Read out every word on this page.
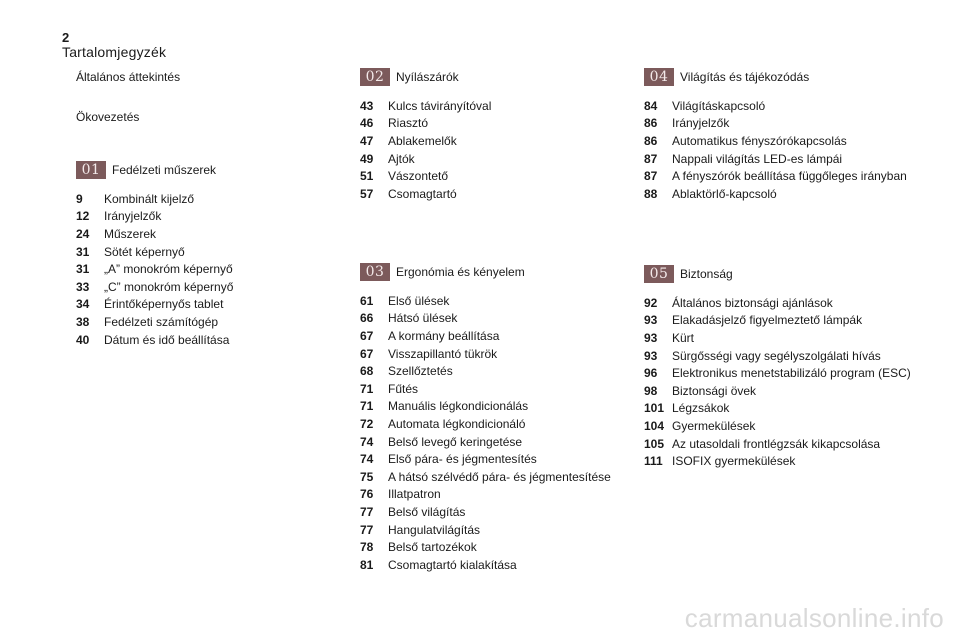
2
Tartalomjegyzék
Általános áttekintés
Ökovezetés
01 Fedélzeti műszerek
9	Kombinált kijelző
12	Irányjelzők
24	Műszerek
31	Sötét képernyő
31	„A” monokróm képernyő
33	„C” monokróm képernyő
34	Érintőképernyős tablet
38	Fedélzeti számítógép
40	Dátum és idő beállítása
02 Nyílászárók
43	Kulcs távirányítóval
46	Riasztó
47	Ablakemelők
49	Ajtók
51	Vászontető
57	Csomagtartó
03 Ergonómia és kényelem
61	Első ülések
66	Hátsó ülések
67	A kormány beállítása
67	Visszapillantó tükrök
68	Szellőztetés
71	Fűtés
71	Manuális légkondicionálás
72	Automata légkondicionáló
74	Belső levegő keringetése
74	Első pára- és jégmentesítés
75	A hátsó szélvédő pára- és jégmentesítése
76	Illatpatron
77	Belső világítás
77	Hangulatvilágítás
78	Belső tartozékok
81	Csomagtartó kialakítása
04 Világítás és tájékozódás
84	Világításkapcsoló
86	Irányjelzők
86	Automatikus fényszórókapcsolás
87	Nappali világítás LED-es lámpái
87	A fényszórók beállítása függőleges irányban
88	Ablaktörlő-kapcsoló
05 Biztonság
92	Általános biztonsági ajánlások
93	Elakadásjelző figyelmeztető lámpák
93	Kürt
93	Sürgősségi vagy segélyszolgálati hívás
96	Elektronikus menetstabilizáló program (ESC)
98	Biztonsági övek
101 Légzsákok
104 Gyermekülések
105 Az utasoldali frontlégzsák kikapcsolása
111 ISOFIX gyermekülések
carmanualsonline.info
